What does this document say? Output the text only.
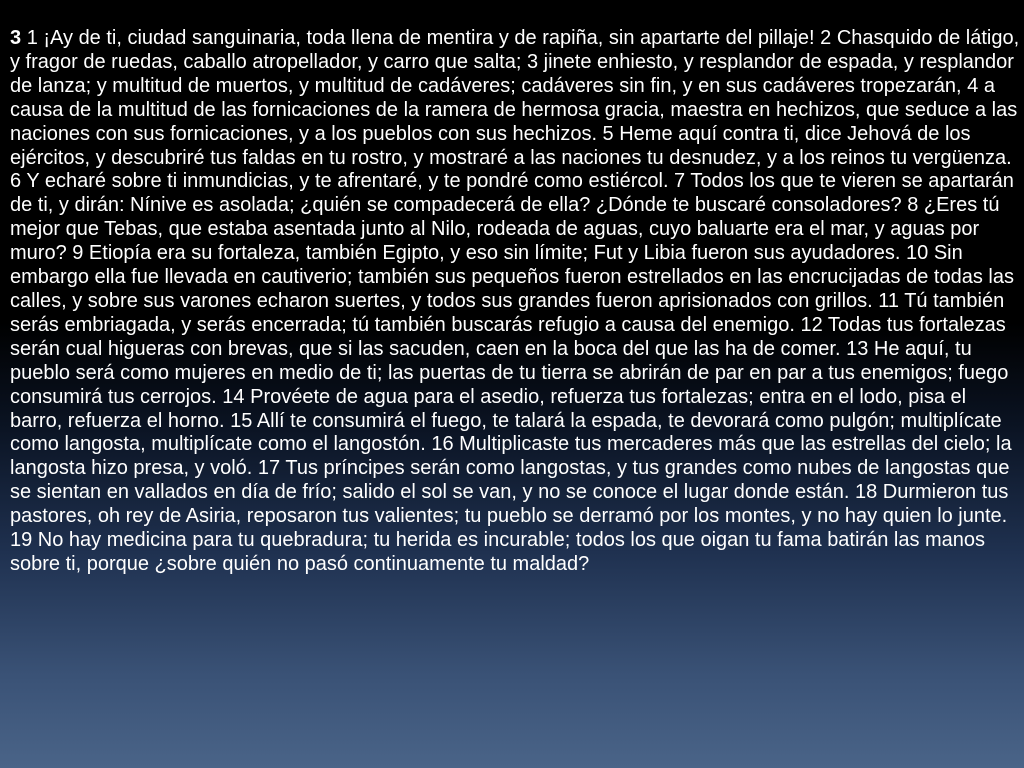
3 1 ¡Ay de ti, ciudad sanguinaria, toda llena de mentira y de rapiña, sin apartarte del pillaje! 2 Chasquido de látigo, y fragor de ruedas, caballo atropellador, y carro que salta; 3 jinete enhiesto, y resplandor de espada, y resplandor de lanza; y multitud de muertos, y multitud de cadáveres; cadáveres sin fin, y en sus cadáveres tropezarán, 4 a causa de la multitud de las fornicaciones de la ramera de hermosa gracia, maestra en hechizos, que seduce a las naciones con sus fornicaciones, y a los pueblos con sus hechizos. 5 Heme aquí contra ti, dice Jehová de los ejércitos, y descubriré tus faldas en tu rostro, y mostraré a las naciones tu desnudez, y a los reinos tu vergüenza. 6 Y echaré sobre ti inmundicias, y te afrentaré, y te pondré como estiércol. 7 Todos los que te vieren se apartarán de ti, y dirán: Nínive es asolada; ¿quién se compadecerá de ella? ¿Dónde te buscaré consoladores? 8 ¿Eres tú mejor que Tebas, que estaba asentada junto al Nilo, rodeada de aguas, cuyo baluarte era el mar, y aguas por muro? 9 Etiopía era su fortaleza, también Egipto, y eso sin límite; Fut y Libia fueron sus ayudadores. 10 Sin embargo ella fue llevada en cautiverio; también sus pequeños fueron estrellados en las encrucijadas de todas las calles, y sobre sus varones echaron suertes, y todos sus grandes fueron aprisionados con grillos. 11 Tú también serás embriagada, y serás encerrada; tú también buscarás refugio a causa del enemigo. 12 Todas tus fortalezas serán cual higueras con brevas, que si las sacuden, caen en la boca del que las ha de comer. 13 He aquí, tu pueblo será como mujeres en medio de ti; las puertas de tu tierra se abrirán de par en par a tus enemigos; fuego consumirá tus cerrojos. 14 Provéete de agua para el asedio, refuerza tus fortalezas; entra en el lodo, pisa el barro, refuerza el horno. 15 Allí te consumirá el fuego, te talará la espada, te devorará como pulgón; multiplícate como langosta, multiplícate como el langostón. 16 Multiplicaste tus mercaderes más que las estrellas del cielo; la langosta hizo presa, y voló. 17 Tus príncipes serán como langostas, y tus grandes como nubes de langostas que se sientan en vallados en día de frío; salido el sol se van, y no se conoce el lugar donde están. 18 Durmieron tus pastores, oh rey de Asiria, reposaron tus valientes; tu pueblo se derramó por los montes, y no hay quien lo junte. 19 No hay medicina para tu quebradura; tu herida es incurable; todos los que oigan tu fama batirán las manos sobre ti, porque ¿sobre quién no pasó continuamente tu maldad?
